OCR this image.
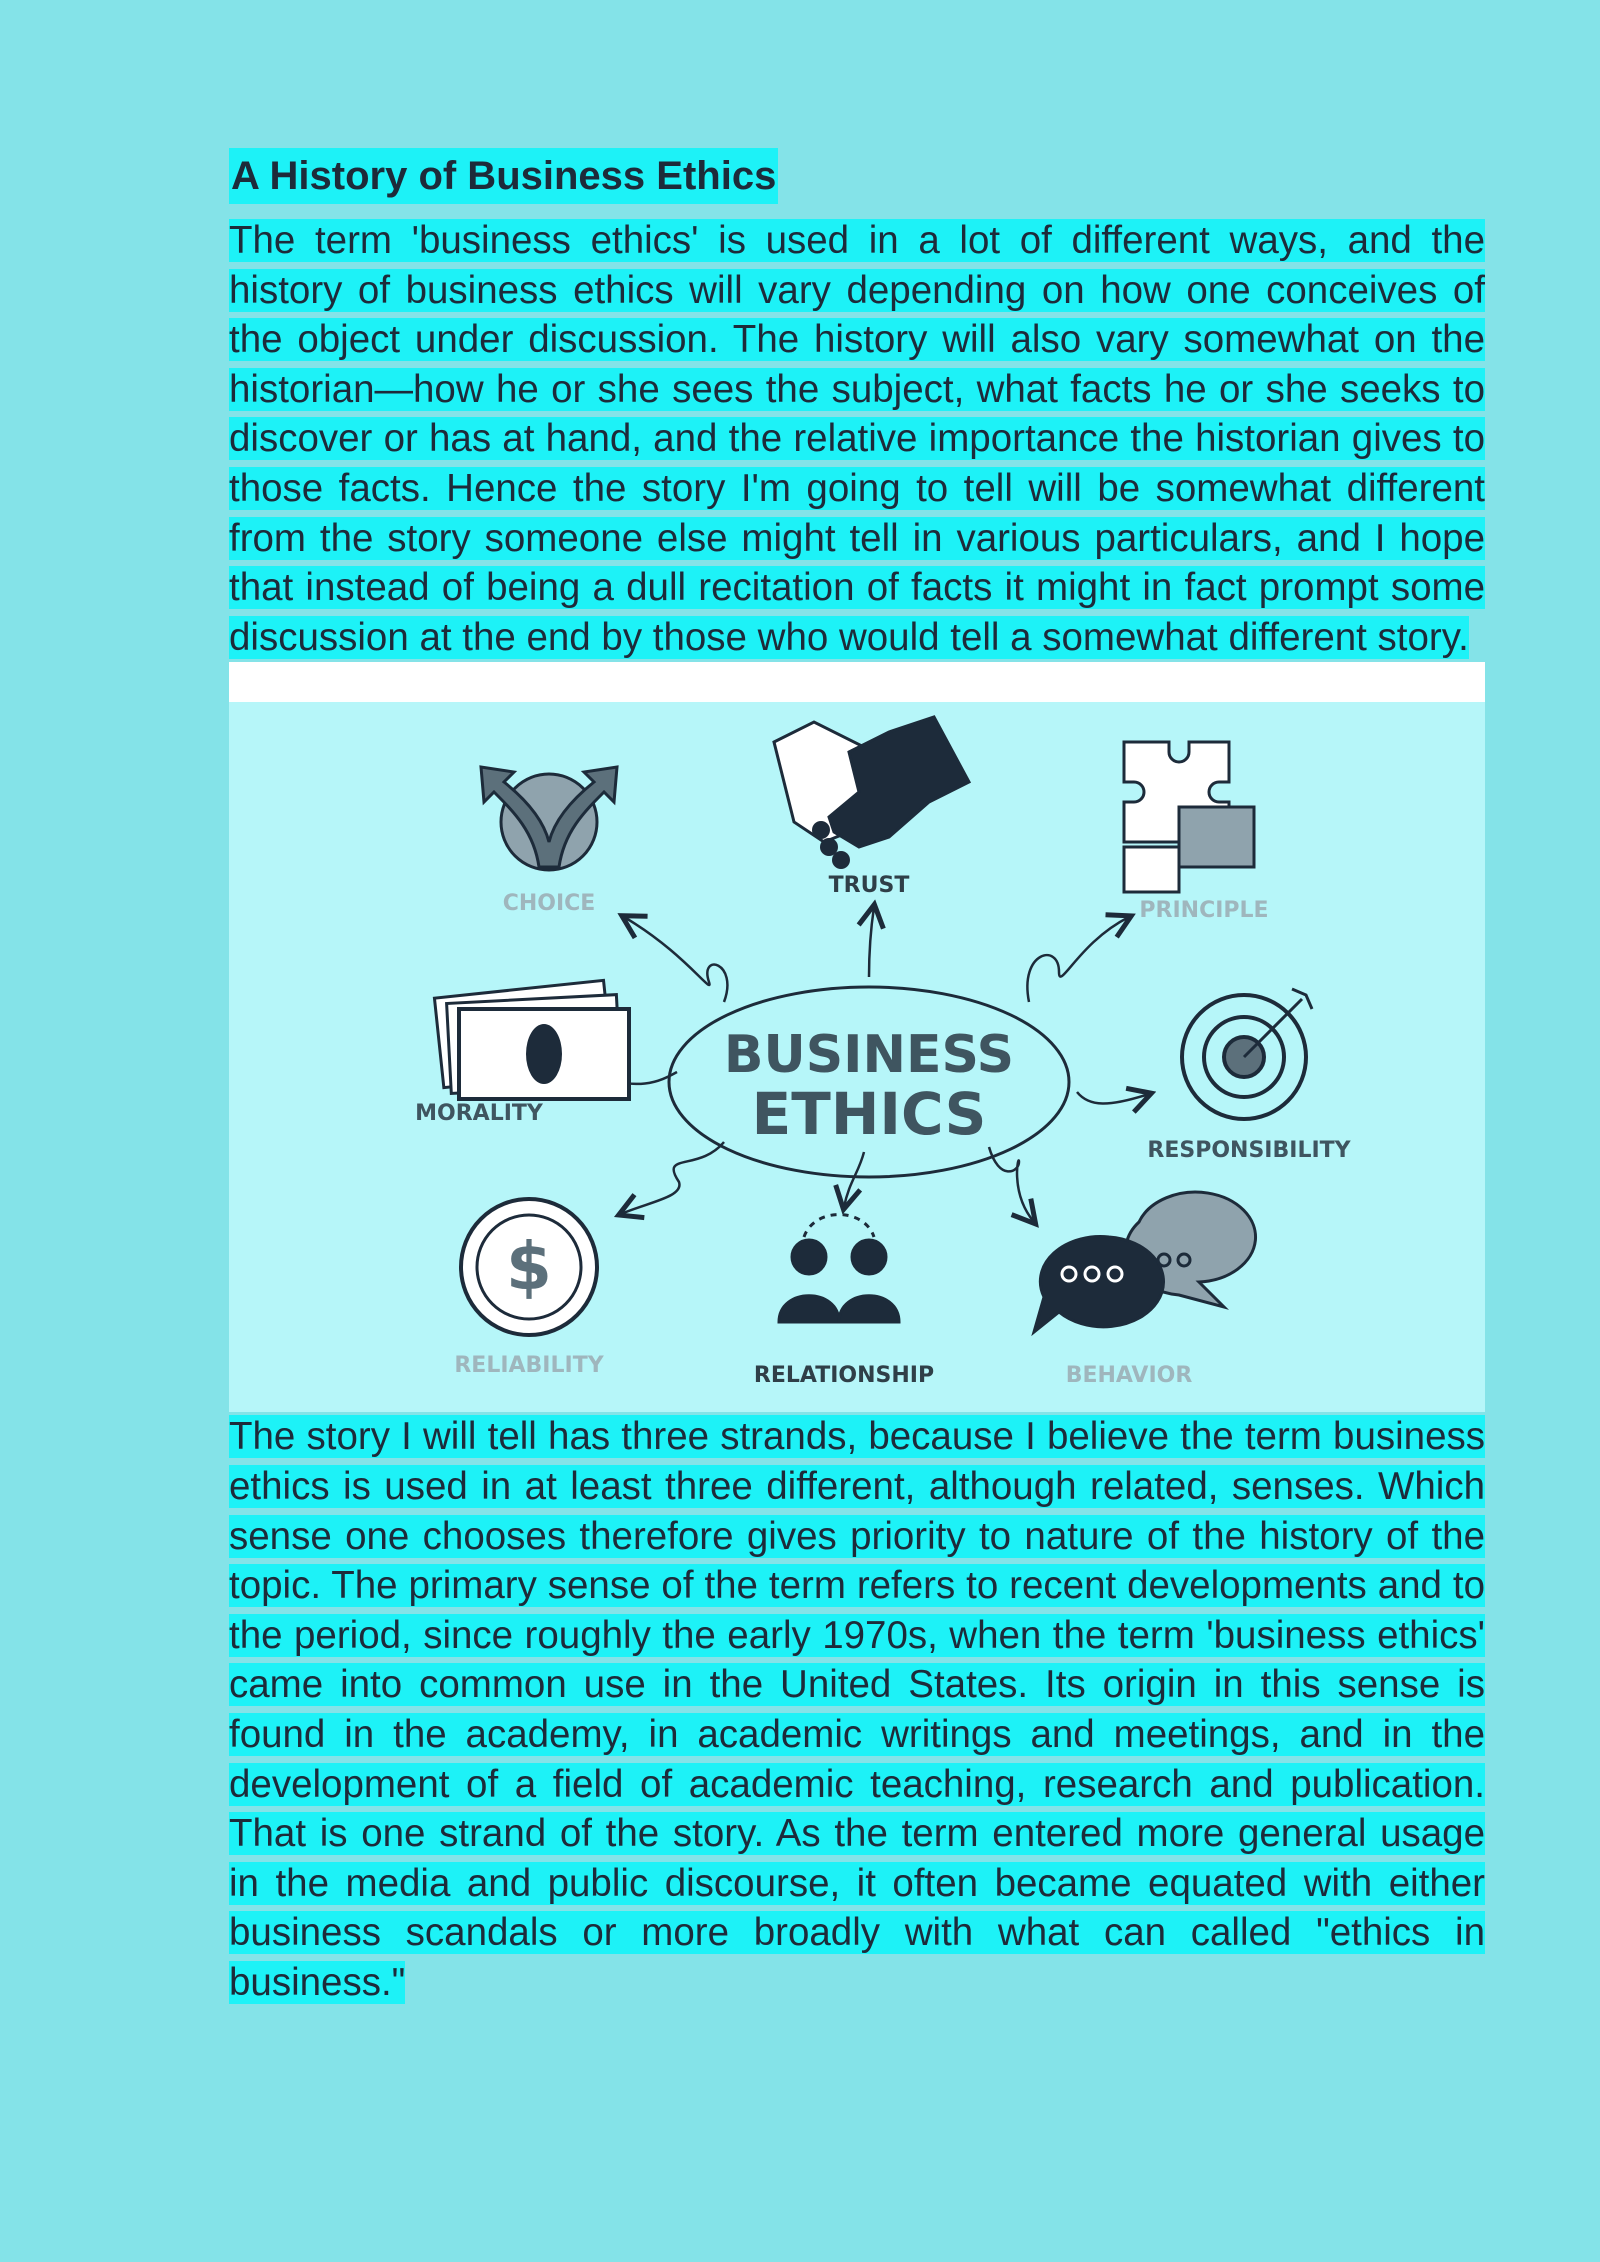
A History of Business Ethics

The term 'business ethics' is used in a lot of different ways, and the history of business ethics will vary depending on how one conceives of the object under discussion. The history will also vary somewhat on the historian—how he or she sees the subject, what facts he or she seeks to discover or has at hand, and the relative importance the historian gives to those facts. Hence the story I'm going to tell will be somewhat different from the story someone else might tell in various particulars, and I hope that instead of being a dull recitation of facts it might in fact prompt some discussion at the end by those who would tell a somewhat different story.

BUSINESS
ETHICS
CHOICE
TRUST
PRINCIPLE
MORALITY
RESPONSIBILITY
$
RELIABILITY	RELATIONSHIP	BEHAVIOR

The story I will tell has three strands, because I believe the term business ethics is used in at least three different, although related, senses. Which sense one chooses therefore gives priority to nature of the history of the topic. The primary sense of the term refers to recent developments and to the period, since roughly the early 1970s, when the term 'business ethics' came into common use in the United States. Its origin in this sense is found in the academy, in academic writings and meetings, and in the development of a field of academic teaching, research and publication. That is one strand of the story. As the term entered more general usage in the media and public discourse, it often became equated with either business scandals or more broadly with what can called "ethics in business."
